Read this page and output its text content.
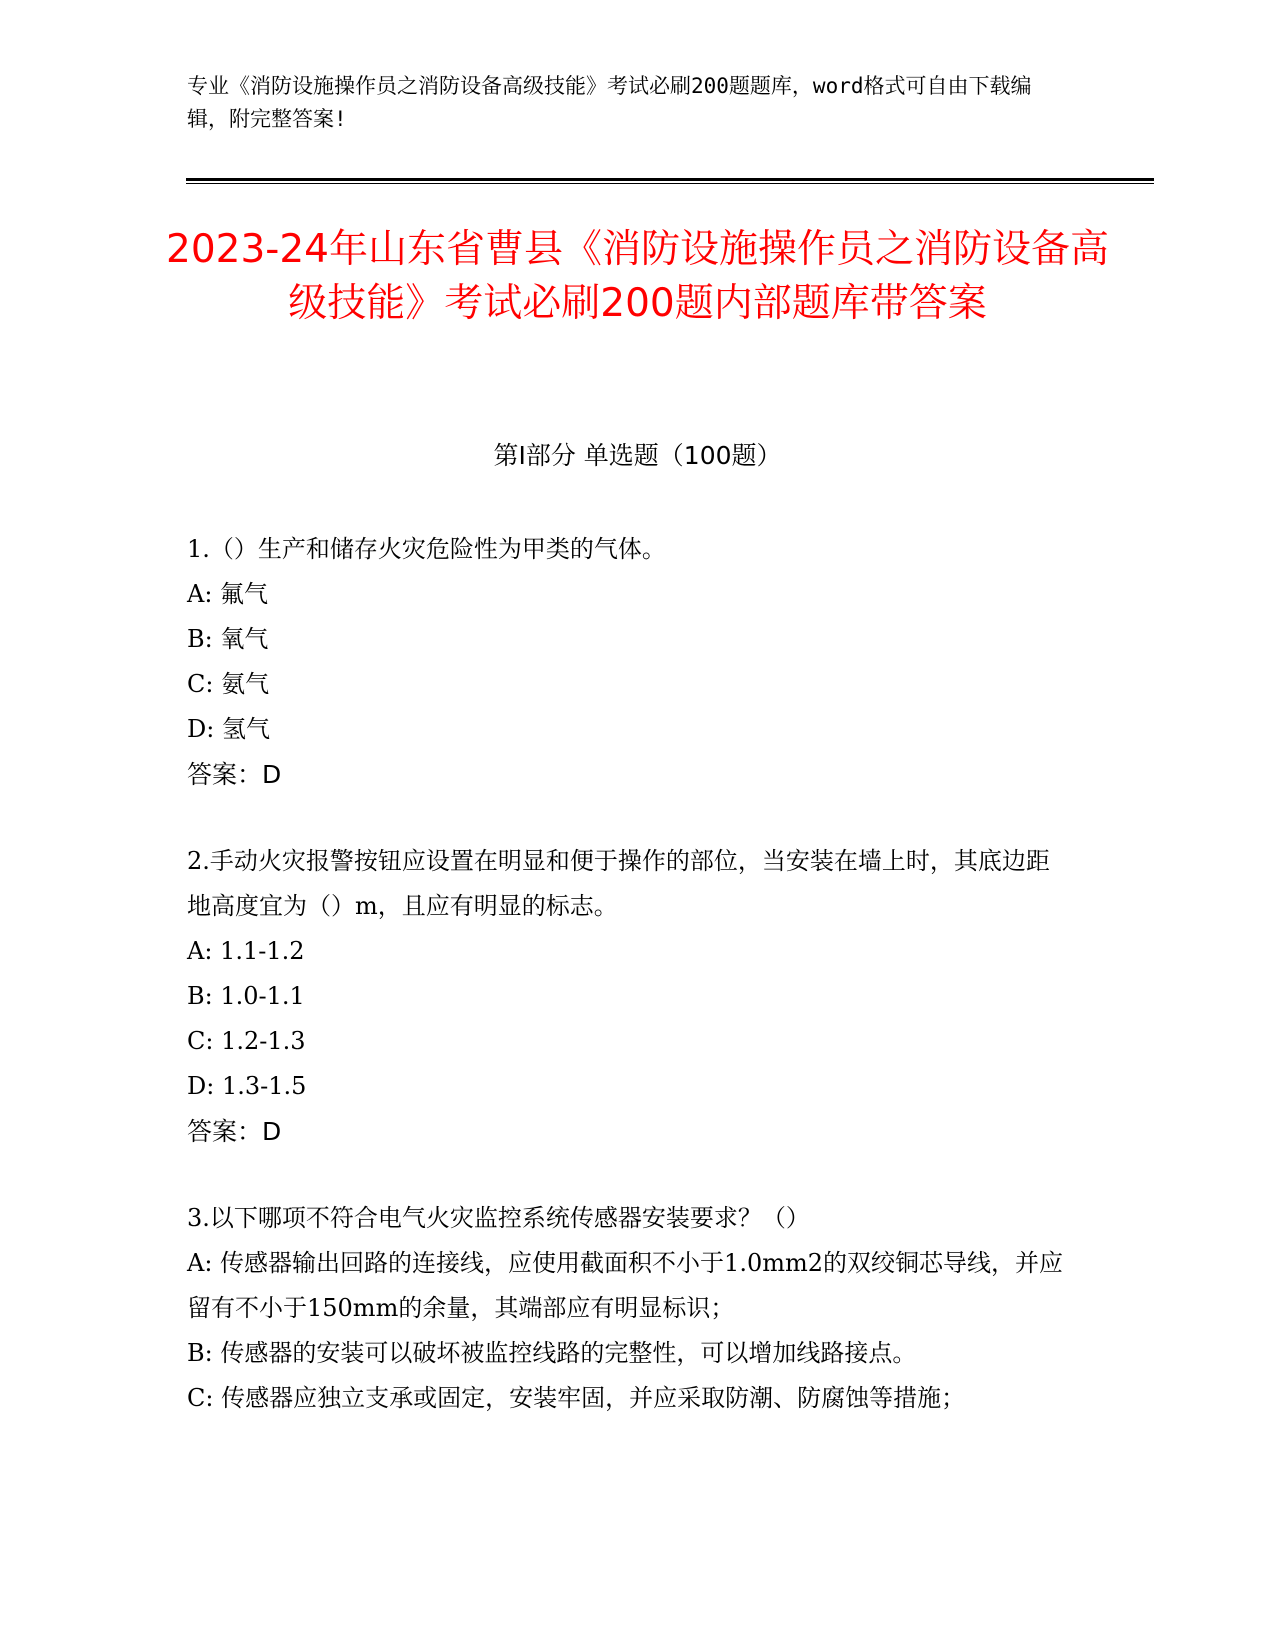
专业《消防设施操作员之消防设备高级技能》考试必刷200题题库，word格式可自由下载编辑，附完整答案!
2023-24年山东省曹县《消防设施操作员之消防设备高级技能》考试必刷200题内部题库带答案
第I部分 单选题（100题）

1.（）生产和储存火灾危险性为甲类的气体。

A: 氟气

B: 氧气

C: 氨气

D: 氢气

答案：D

2.手动火灾报警按钮应设置在明显和便于操作的部位，当安装在墙上时，其底边距地高度宜为（）m，且应有明显的标志。

A: 1.1-1.2

B: 1.0-1.1

C: 1.2-1.3

D: 1.3-1.5

答案：D

3.以下哪项不符合电气火灾监控系统传感器安装要求？（）

A: 传感器输出回路的连接线，应使用截面积不小于1.0mm2的双绞铜芯导线，并应留有不小于150mm的余量，其端部应有明显标识；

B: 传感器的安装可以破坏被监控线路的完整性，可以增加线路接点。

C: 传感器应独立支承或固定，安装牢固，并应采取防潮、防腐蚀等措施；
